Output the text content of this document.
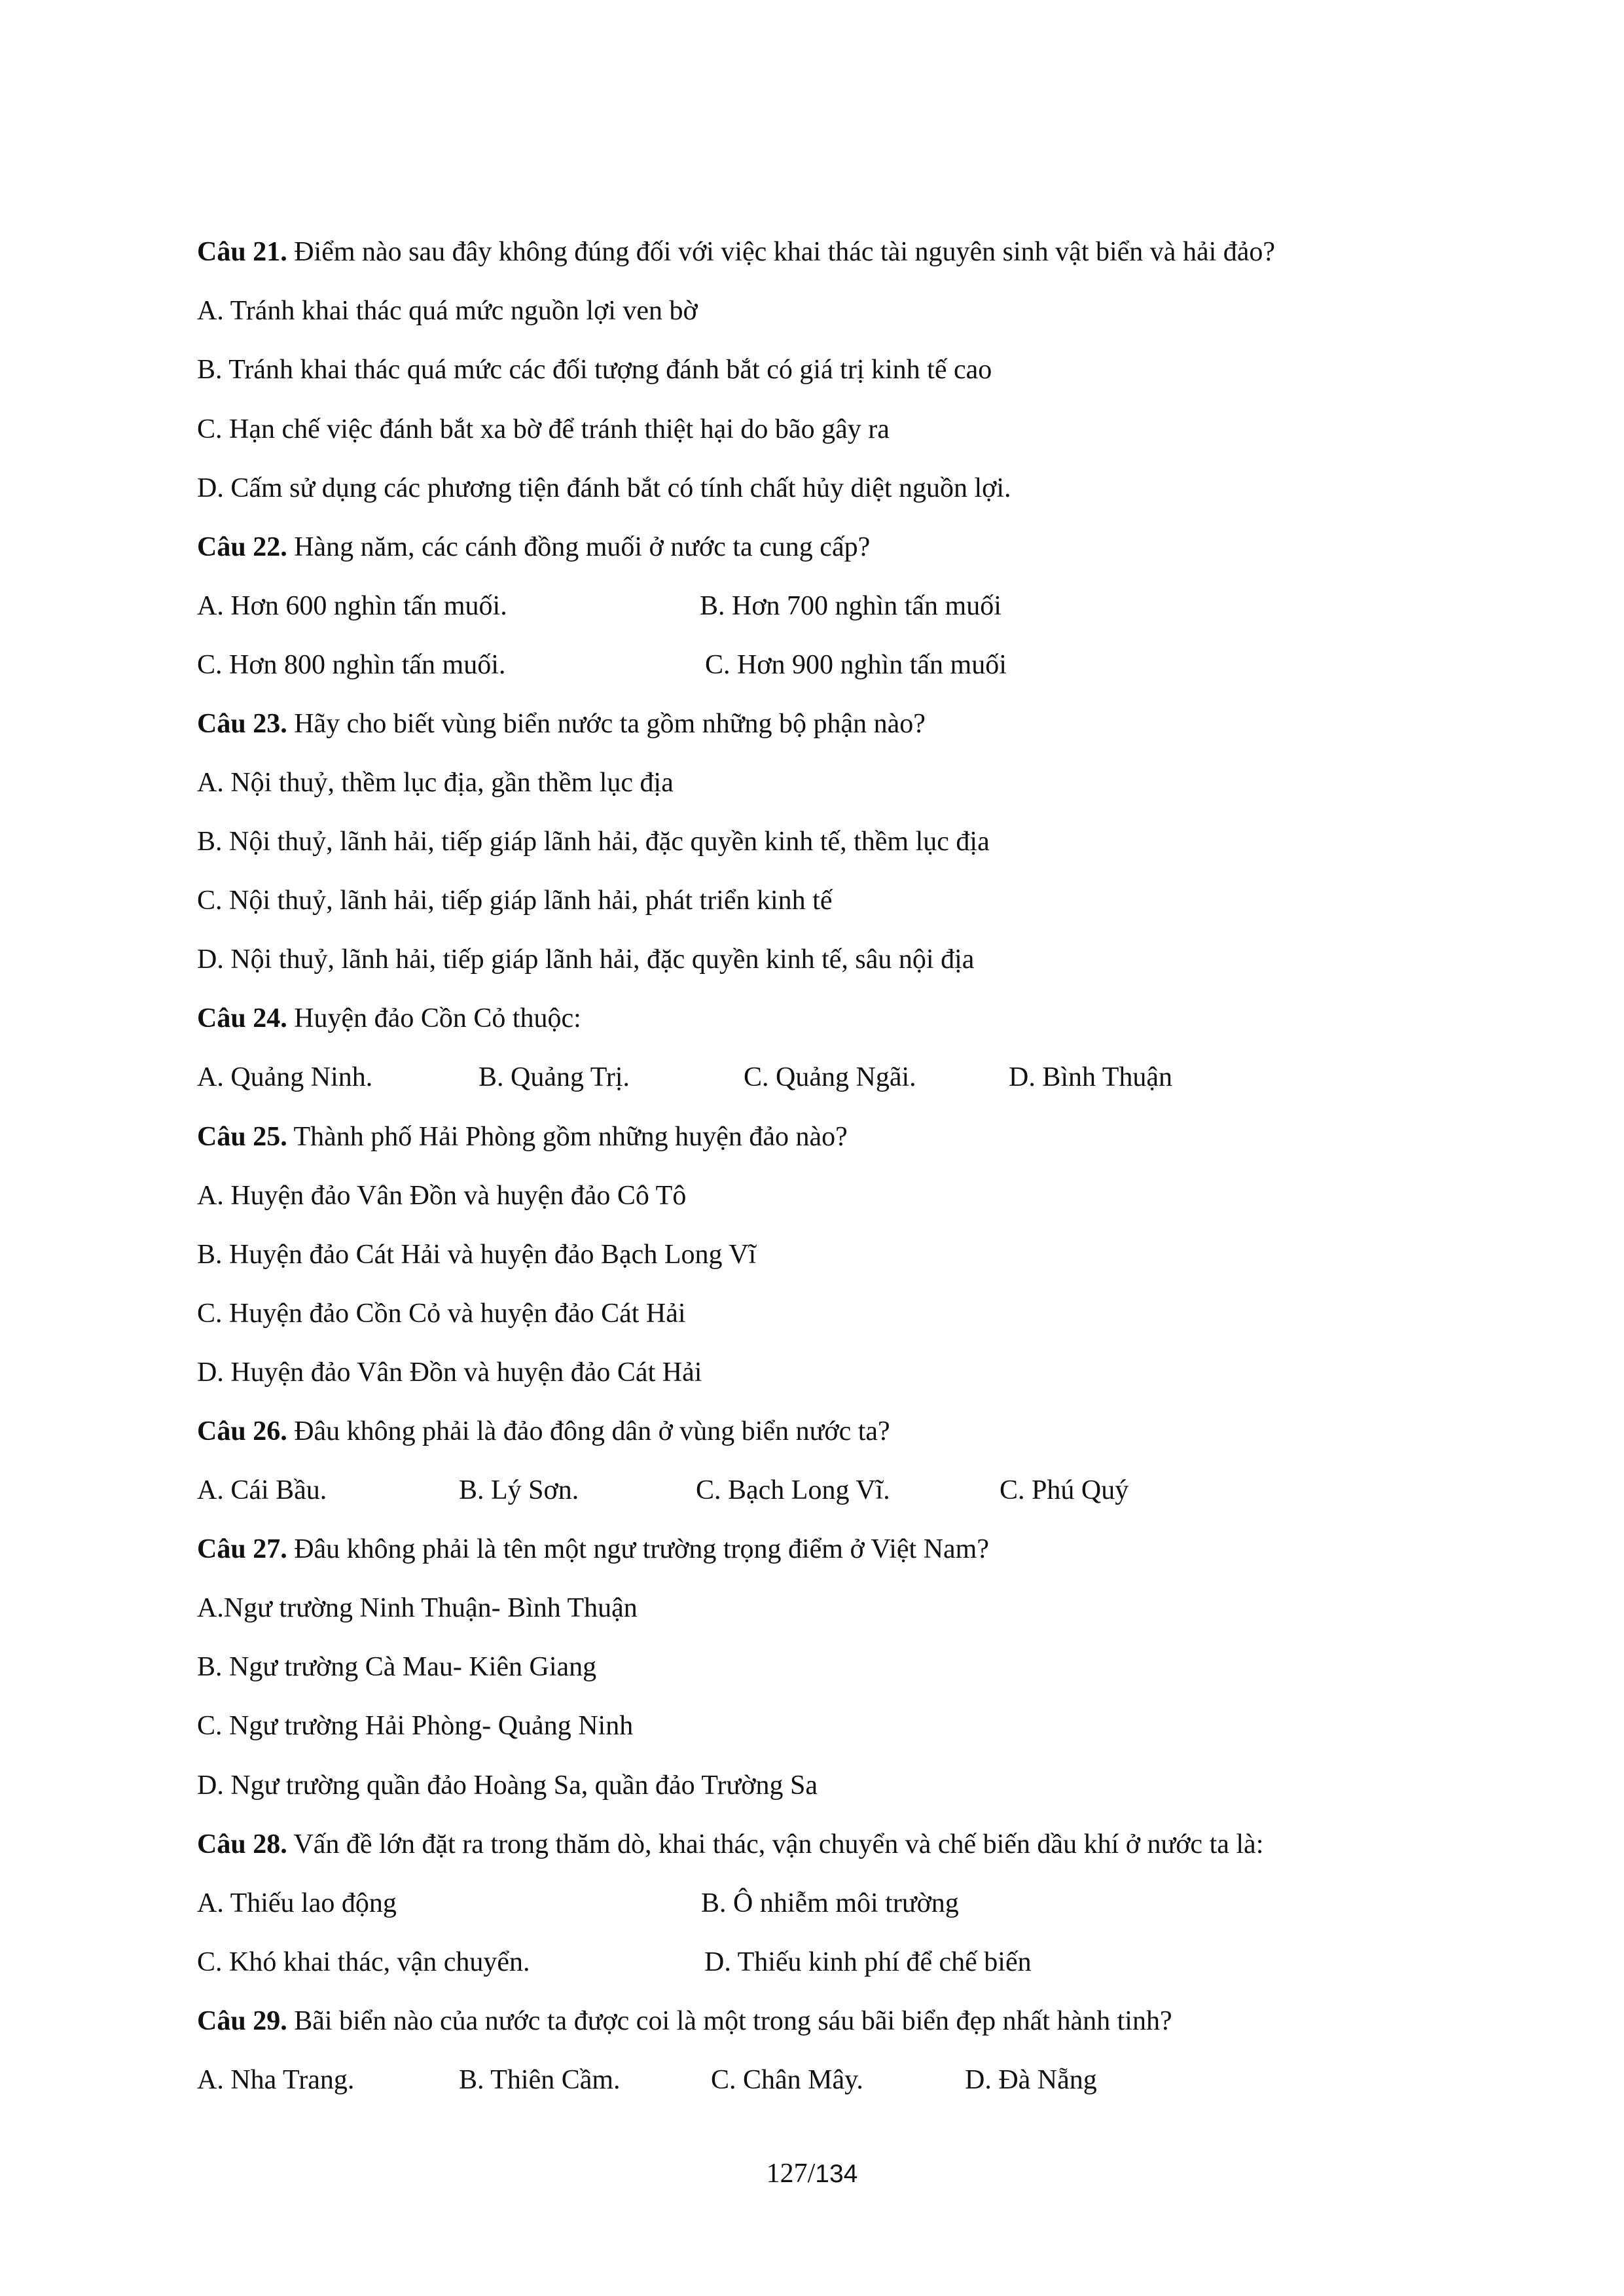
Câu 21. Điểm nào sau đây không đúng đối với việc khai thác tài nguyên sinh vật biển và hải đảo?
A. Tránh khai thác quá mức nguồn lợi ven bờ
B. Tránh khai thác quá mức các đối tượng đánh bắt có giá trị kinh tế cao
C. Hạn chế việc đánh bắt xa bờ để tránh thiệt hại do bão gây ra
D. Cấm sử dụng các phương tiện đánh bắt có tính chất hủy diệt nguồn lợi.
Câu 22. Hàng năm, các cánh đồng muối ở nước ta cung cấp?
A. Hơn 600 nghìn tấn muối.	B. Hơn 700 nghìn tấn muối
C. Hơn 800 nghìn tấn muối.	C. Hơn 900 nghìn tấn muối
Câu 23. Hãy cho biết vùng biển nước ta gồm những bộ phận nào?
A. Nội thuỷ, thềm lục địa, gần thềm lục địa
B. Nội thuỷ, lãnh hải, tiếp giáp lãnh hải, đặc quyền kinh tế, thềm lục địa
C. Nội thuỷ, lãnh hải, tiếp giáp lãnh hải, phát triển kinh tế
D. Nội thuỷ, lãnh hải, tiếp giáp lãnh hải, đặc quyền kinh tế, sâu nội địa
Câu 24. Huyện đảo Cồn Cỏ thuộc:
A. Quảng Ninh.	B. Quảng Trị.	C. Quảng Ngãi.	D. Bình Thuận
Câu 25. Thành phố Hải Phòng gồm những huyện đảo nào?
A. Huyện đảo Vân Đồn và huyện đảo Cô Tô
B. Huyện đảo Cát Hải và huyện đảo Bạch Long Vĩ
C. Huyện đảo Cồn Cỏ và huyện đảo Cát Hải
D. Huyện đảo Vân Đồn và huyện đảo Cát Hải
Câu 26. Đâu không phải là đảo đông dân ở vùng biển nước ta?
A. Cái Bầu.	B. Lý Sơn.	C. Bạch Long Vĩ.	C. Phú Quý
Câu 27. Đâu không phải là tên một ngư trường trọng điểm ở Việt Nam?
A.Ngư trường Ninh Thuận- Bình Thuận
B. Ngư trường Cà Mau- Kiên Giang
C. Ngư trường Hải Phòng- Quảng Ninh
D. Ngư trường quần đảo Hoàng Sa, quần đảo Trường Sa
Câu 28. Vấn đề lớn đặt ra trong thăm dò, khai thác, vận chuyển và chế biến dầu khí ở nước ta là:
A. Thiếu lao động	B. Ô nhiễm môi trường
C. Khó khai thác, vận chuyển.	D. Thiếu kinh phí để chế biến
Câu 29. Bãi biển nào của nước ta được coi là một trong sáu bãi biển đẹp nhất hành tinh?
A. Nha Trang.	B. Thiên Cầm.	C. Chân Mây.	D. Đà Nẵng
127/134
